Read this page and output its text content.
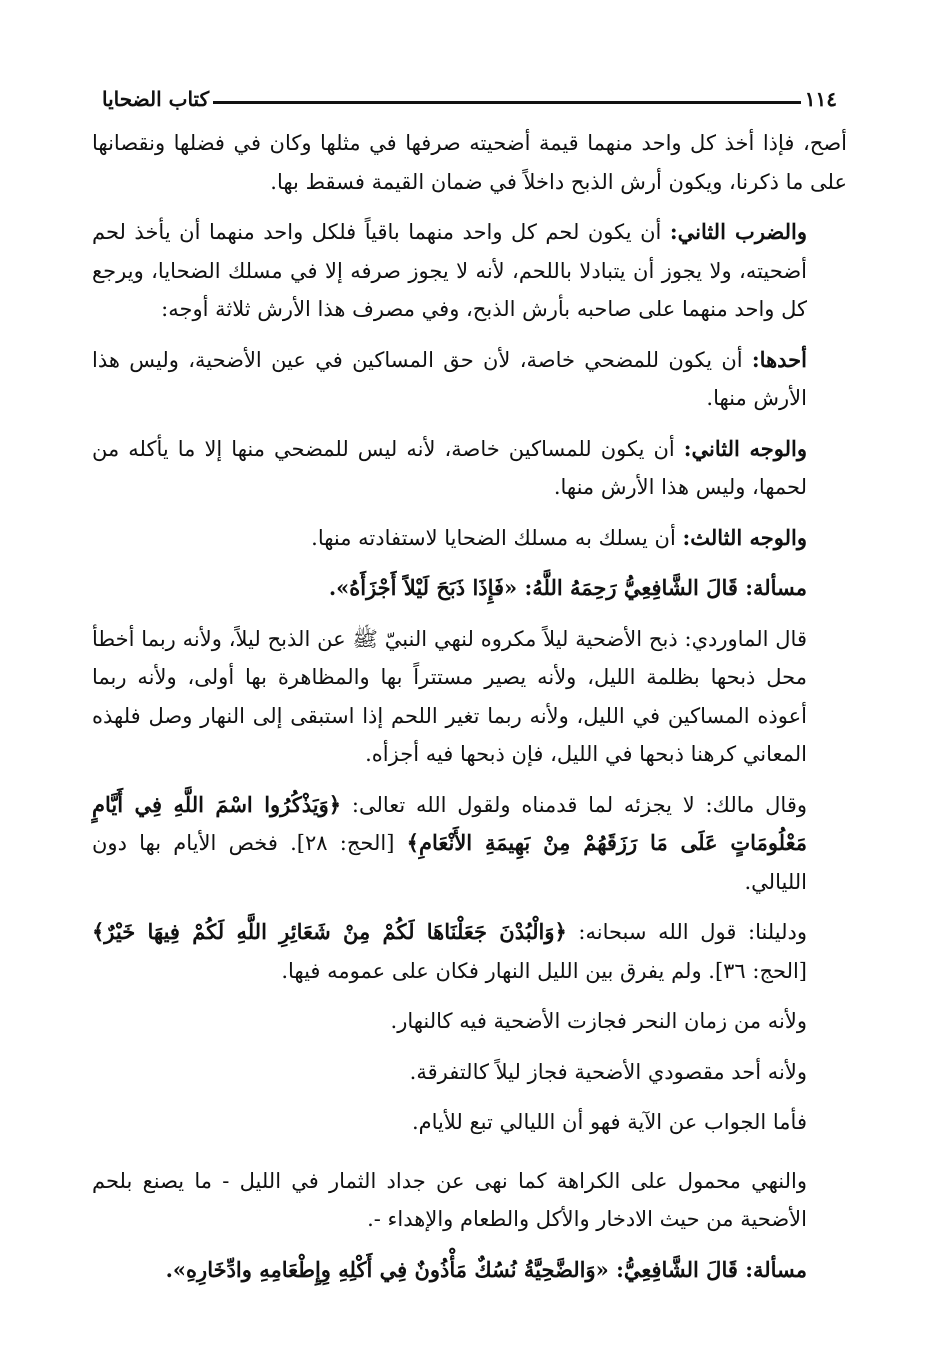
١١٤
كتاب الضحايا

أصح، فإذا أخذ كل واحد منهما قيمة أضحيته صرفها في مثلها وكان في فضلها ونقصانها على ما ذكرنا، ويكون أرش الذبح داخلاً في ضمان القيمة فسقط بها.

والضرب الثاني: أن يكون لحم كل واحد منهما باقياً فلكل واحد منهما أن يأخذ لحم أضحيته، ولا يجوز أن يتبادلا باللحم، لأنه لا يجوز صرفه إلا في مسلك الضحايا، ويرجع كل واحد منهما على صاحبه بأرش الذبح، وفي مصرف هذا الأرش ثلاثة أوجه:

أحدها: أن يكون للمضحي خاصة، لأن حق المساكين في عين الأضحية، وليس هذا الأرش منها.

والوجه الثاني: أن يكون للمساكين خاصة، لأنه ليس للمضحي منها إلا ما يأكله من لحمها، وليس هذا الأرش منها.

والوجه الثالث: أن يسلك به مسلك الضحايا لاستفادته منها.

مسألة: قَالَ الشَّافِعِيُّ رَحِمَهُ اللَّهُ: «فَإِذَا ذَبَحَ لَيْلاً أَجْزَأَهُ».

قال الماوردي: ذبح الأضحية ليلاً مكروه لنهي النبيّ ﷺ عن الذبح ليلاً، ولأنه ربما أخطأ محل ذبحها بظلمة الليل، ولأنه يصير مستتراً بها والمظاهرة بها أولى، ولأنه ربما أعوذه المساكين في الليل، ولأنه ربما تغير اللحم إذا استبقى إلى النهار وصل فلهذه المعاني كرهنا ذبحها في الليل، فإن ذبحها فيه أجزأه.

وقال مالك: لا يجزئه لما قدمناه ولقول الله تعالى: ﴿وَيَذْكُرُوا اسْمَ اللَّهِ فِي أَيَّامٍ مَعْلُومَاتٍ عَلَى مَا رَزَقَهُمْ مِنْ بَهِيمَةِ الأَنْعَامِ﴾ [الحج: ٢٨]. فخص الأيام بها دون الليالي.

ودليلنا: قول الله سبحانه: ﴿وَالْبُدْنَ جَعَلْنَاهَا لَكُمْ مِنْ شَعَائِرِ اللَّهِ لَكُمْ فِيهَا خَيْرٌ﴾ [الحج: ٣٦]. ولم يفرق بين الليل النهار فكان على عمومه فيها.

ولأنه من زمان النحر فجازت الأضحية فيه كالنهار.

ولأنه أحد مقصودي الأضحية فجاز ليلاً كالتفرقة.

فأما الجواب عن الآية فهو أن الليالي تبع للأيام.

والنهي محمول على الكراهة كما نهى عن جداد الثمار في الليل - ما يصنع بلحم الأضحية من حيث الادخار والأكل والطعام والإهداء -.

مسألة: قَالَ الشَّافِعِيُّ: «وَالضَّحِيَّةُ نُسُكٌ مَأْذُونٌ فِي أَكْلِهِ وِإِطْعَامِهِ وادِّخَارِهِ».
